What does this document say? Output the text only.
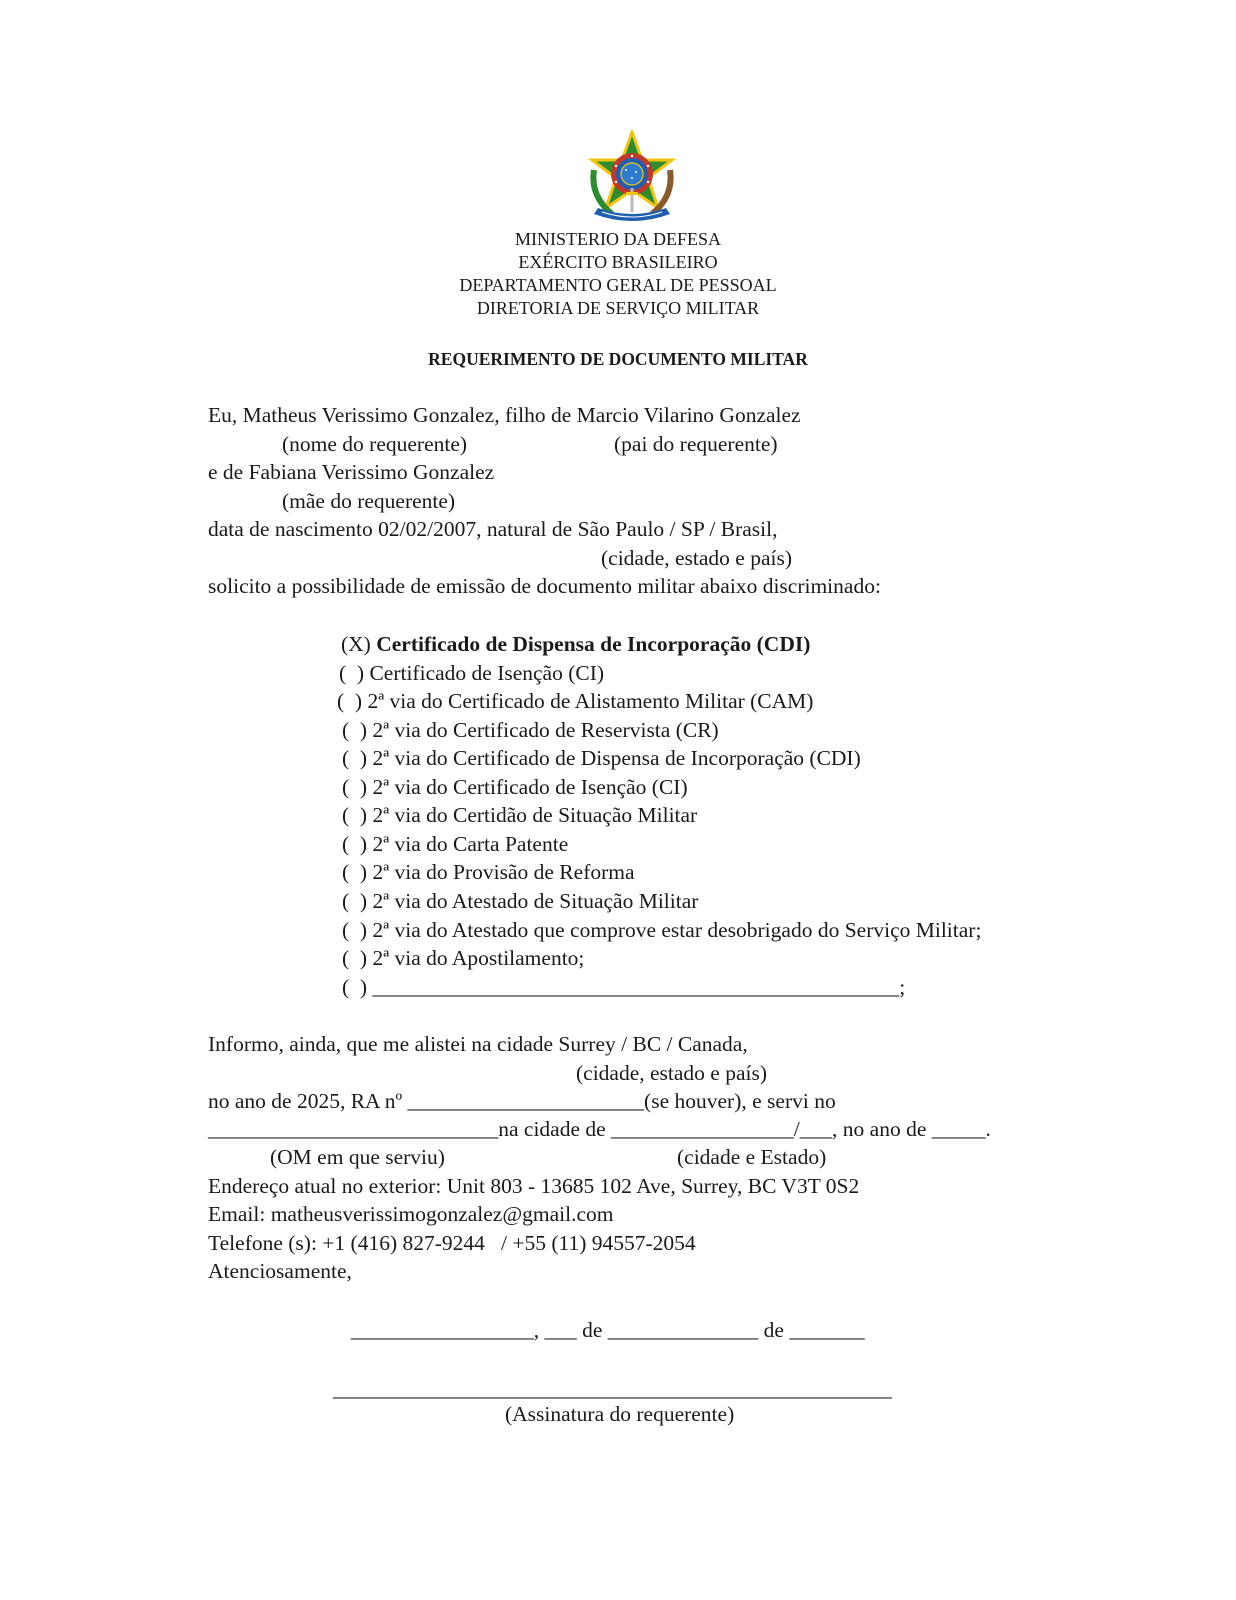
MINISTERIO DA DEFESA
EXÉRCITO BRASILEIRO
DEPARTAMENTO GERAL DE PESSOAL
DIRETORIA DE SERVIÇO MILITAR
REQUERIMENTO DE DOCUMENTO MILITAR
Eu, Matheus Verissimo Gonzalez, filho de Marcio Vilarino Gonzalez
(nome do requerente)	(pai do requerente)
e de Fabiana Verissimo Gonzalez
(mãe do requerente)
data de nascimento 02/02/2007, natural de São Paulo / SP / Brasil,
(cidade, estado e país)
solicito a possibilidade de emissão de documento militar abaixo discriminado:
(X) Certificado de Dispensa de Incorporação (CDI)
(  ) Certificado de Isenção (CI)
(  ) 2ª via do Certificado de Alistamento Militar (CAM)
(  ) 2ª via do Certificado de Reservista (CR)
(  ) 2ª via do Certificado de Dispensa de Incorporação (CDI)
(  ) 2ª via do Certificado de Isenção (CI)
(  ) 2ª via do Certidão de Situação Militar
(  ) 2ª via do Carta Patente
(  ) 2ª via do Provisão de Reforma
(  ) 2ª via do Atestado de Situação Militar
(  ) 2ª via do Atestado que comprove estar desobrigado do Serviço Militar;
(  ) 2ª via do Apostilamento;
(  ) _________________________________________________;
Informo, ainda, que me alistei na cidade Surrey / BC / Canada,
(cidade, estado e país)
no ano de 2025, RA nº ______________________(se houver), e servi no
___________________________na cidade de _________________/___, no ano de _____.
(OM em que serviu)	(cidade e Estado)
Endereço atual no exterior: Unit 803 - 13685 102 Ave, Surrey, BC V3T 0S2
Email: matheusverissimogonzalez@gmail.com
Telefone (s): +1 (416) 827-9244   / +55 (11) 94557-2054
Atenciosamente,
_________________, ___ de ______________ de _______
____________________________________________________
(Assinatura do requerente)
